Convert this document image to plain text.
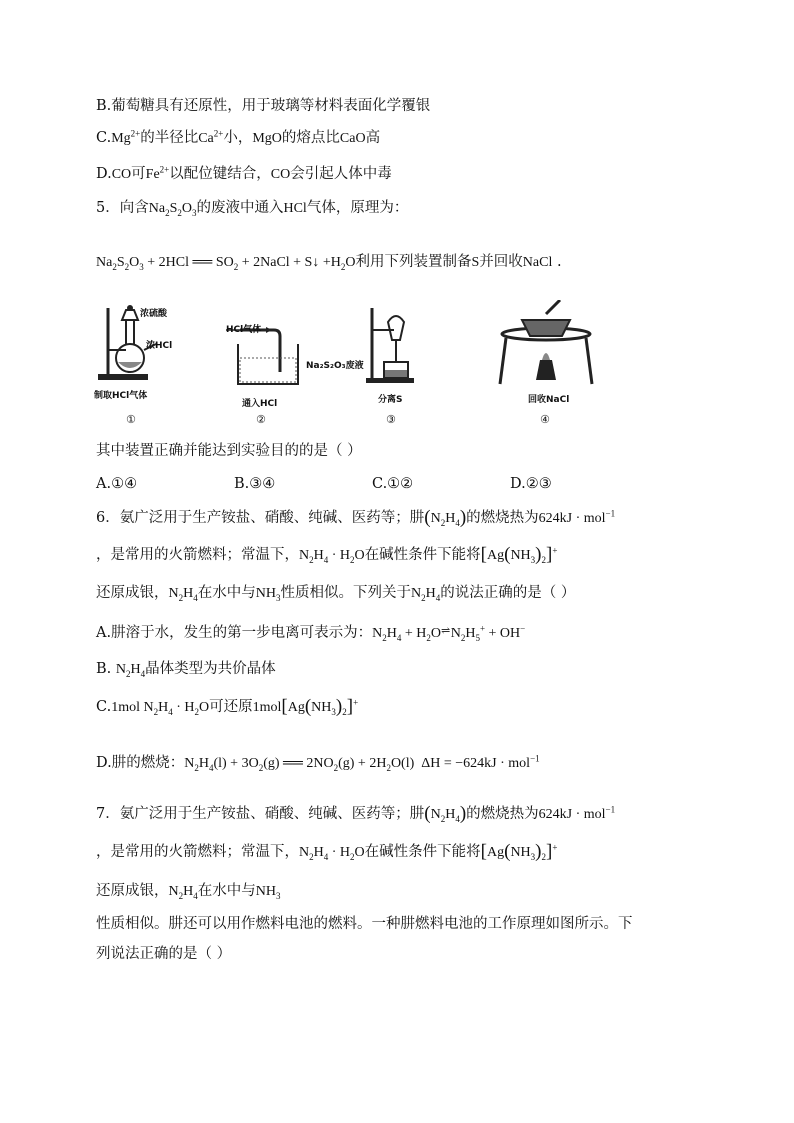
B.葡萄糖具有还原性，用于玻璃等材料表面化学覆银
$C.Mg^{2+}$的半径比$Ca^{2+}$小，MgO的熔点比CaO高
D.CO可$Fe^{2+}$以配位键结合，CO会引起人体中毒
5．向含$Na_2S_2O_3$的废液中通入HCl气体，原理为：
$Na_2S_2O_3 + 2HCl$ ══ $SO_2$ + 2NaCl + S↓ $+H_2O$利用下列装置制备S并回收NaCl .
浓硫酸
浓HCl
制取HCl气体
①
HCl气体
Na₂S₂O₃废液
通入HCl
②
分离S
③
回收NaCl
④
其中装置正确并能达到实验目的的是（ ）
A.①④	B.③④	C.①②	D.②③
6．氨广泛用于生产铵盐、硝酸、纯碱、医药等；肼$(N_2H_4)$的燃烧热为624kJ · mol$^{-1}$
，是常用的火箭燃料；常温下，$N_2H_4 \cdot H_2O$在碱性条件下能将$[Ag(NH_3)_2]^+$
还原成银，$N_2H_4$在水中与$NH_3$性质相似。下列关于$N_2H_4$的说法正确的是（ ）
A.肼溶于水，发生的第一步电离可表示为：$N_2H_4$ + $H_2O\rightleftharpoons$ $N_2H_5^+ + OH^-$
B. $N_2H_4$晶体类型为共价晶体
C.1mol $N_2H_4 \cdot H_2O$可还原$1mol[Ag(NH_3)_2]^+$
D.肼的燃烧：$N_2H_4(l) + 3O_2(g)$ ══ $2NO_2(g) + 2H_2O(l) \Delta H = -624kJ \cdot mol^{-1}$
7．氨广泛用于生产铵盐、硝酸、纯碱、医药等；肼$(N_2H_4)$的燃烧热为624kJ · mol$^{-1}$
，是常用的火箭燃料；常温下，$N_2H_4 \cdot H_2O$在碱性条件下能将$[Ag(NH_3)_2]^+$
还原成银，$N_2H_4$在水中与$NH_3$
性质相似。肼还可以用作燃料电池的燃料。一种肼燃料电池的工作原理如图所示。下
列说法正确的是（ ）
